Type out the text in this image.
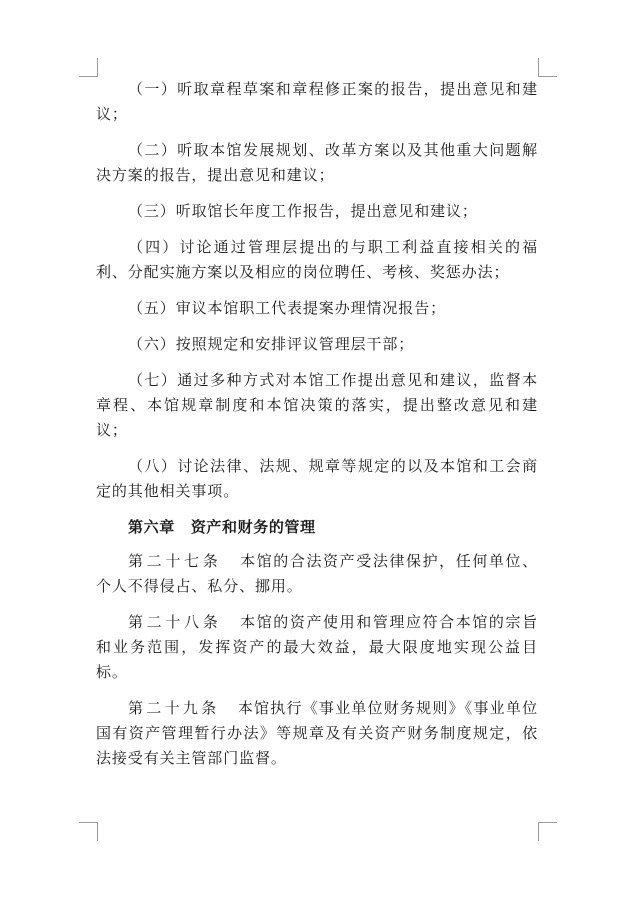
（一）听取章程草案和章程修正案的报告，提出意见和建议；

（二）听取本馆发展规划、改革方案以及其他重大问题解决方案的报告，提出意见和建议；

（三）听取馆长年度工作报告，提出意见和建议；

（四）讨论通过管理层提出的与职工利益直接相关的福利、分配实施方案以及相应的岗位聘任、考核、奖惩办法；

（五）审议本馆职工代表提案办理情况报告；

（六）按照规定和安排评议管理层干部；

（七）通过多种方式对本馆工作提出意见和建议，监督本章程、本馆规章制度和本馆决策的落实，提出整改意见和建议；

（八）讨论法律、法规、规章等规定的以及本馆和工会商定的其他相关事项。

第六章 资产和财务的管理

第二十七条 本馆的合法资产受法律保护，任何单位、个人不得侵占、私分、挪用。

第二十八条 本馆的资产使用和管理应符合本馆的宗旨和业务范围，发挥资产的最大效益，最大限度地实现公益目标。

第二十九条 本馆执行《事业单位财务规则》《事业单位国有资产管理暂行办法》等规章及有关资产财务制度规定，依法接受有关主管部门监督。
